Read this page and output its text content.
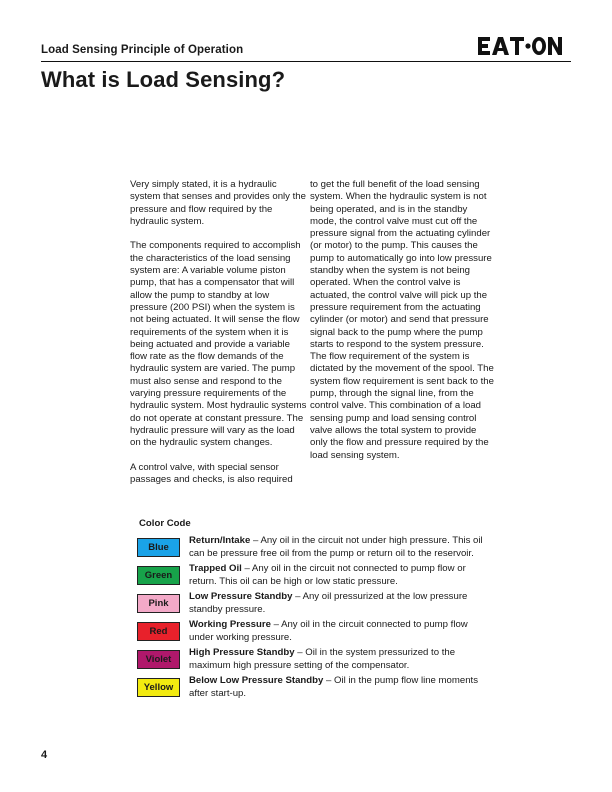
Load Sensing Principle of Operation
What is Load Sensing?

Very simply stated, it is a hydraulic system that senses and provides only the pressure and flow required by the hydraulic system.

The components required to accomplish the characteristics of the load sensing system are: A variable volume piston pump, that has a compensator that will allow the pump to standby at low pressure (200 PSI) when the system is not being actuated. It will sense the flow requirements of the system when it is being actuated and provide a variable flow rate as the flow demands of the hydraulic system are varied. The pump must also sense and respond to the varying pressure requirements of the hydraulic system. Most hydraulic systems do not operate at constant pressure. The hydraulic pressure will vary as the load on the hydraulic system changes.

A control valve, with special sensor passages and checks, is also required

to get the full benefit of the load sensing system. When the hydraulic system is not being operated, and is in the standby mode, the control valve must cut off the pressure signal from the actuating cylinder (or motor) to the pump. This causes the pump to automatically go into low pressure standby when the system is not being operated. When the control valve is actuated, the control valve will pick up the pressure requirement from the actuating cylinder (or motor) and send that pressure signal back to the pump where the pump starts to respond to the system pressure. The flow requirement of the system is dictated by the movement of the spool. The system flow requirement is sent back to the pump, through the signal line, from the control valve. This combination of a load sensing pump and load sensing control valve allows the total system to provide only the flow and pressure required by the load sensing system.

Color Code
Blue
Return/Intake – Any oil in the circuit not under high pressure. This oil can be pressure free oil from the pump or return oil to the reservoir.
Green
Trapped Oil – Any oil in the circuit not connected to pump flow or return. This oil can be high or low static pressure.
Pink
Low Pressure Standby – Any oil pressurized at the low pressure standby pressure.
Red
Working Pressure – Any oil in the circuit connected to pump flow under working pressure.
Violet
High Pressure Standby – Oil in the system pressurized to the maximum high pressure setting of the compensator.
Yellow
Below Low Pressure Standby – Oil in the pump flow line moments after start-up.
4
